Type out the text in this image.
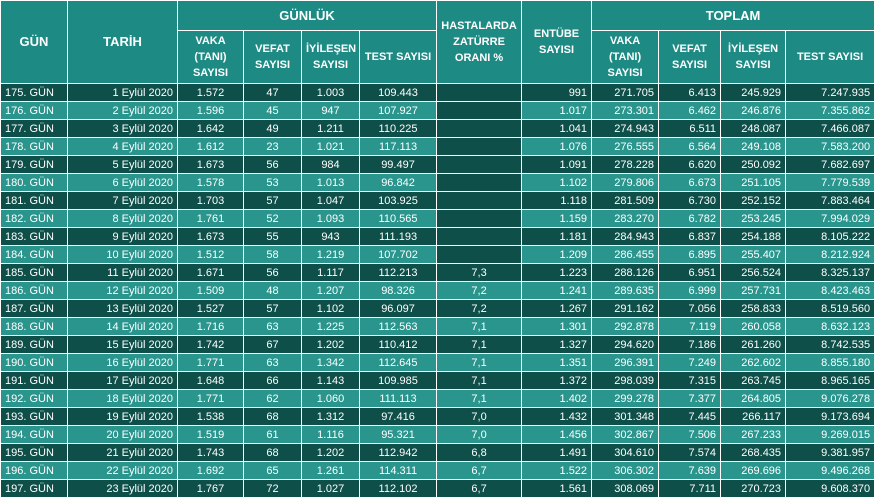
GÜN	TARİH	GÜNLÜK				HASTALARDA ZATÜRRE ORANI %	ENTÜBE SAYISI	TOPLAM			
		VAKA (TANI) SAYISI	VEFAT SAYISI	İYİLEŞEN SAYISI	TEST SAYISI			VAKA (TANI) SAYISI	VEFAT SAYISI	İYİLEŞEN SAYISI	TEST SAYISI
175. GÜN	1 Eylül 2020	1.572	47	1.003	109.443		991	271.705	6.413	245.929	7.247.935
176. GÜN	2 Eylül 2020	1.596	45	947	107.927		1.017	273.301	6.462	246.876	7.355.862
177. GÜN	3 Eylül 2020	1.642	49	1.211	110.225		1.041	274.943	6.511	248.087	7.466.087
178. GÜN	4 Eylül 2020	1.612	23	1.021	117.113		1.076	276.555	6.564	249.108	7.583.200
179. GÜN	5 Eylül 2020	1.673	56	984	99.497		1.091	278.228	6.620	250.092	7.682.697
180. GÜN	6 Eylül 2020	1.578	53	1.013	96.842		1.102	279.806	6.673	251.105	7.779.539
181. GÜN	7 Eylül 2020	1.703	57	1.047	103.925		1.118	281.509	6.730	252.152	7.883.464
182. GÜN	8 Eylül 2020	1.761	52	1.093	110.565		1.159	283.270	6.782	253.245	7.994.029
183. GÜN	9 Eylül 2020	1.673	55	943	111.193		1.181	284.943	6.837	254.188	8.105.222
184. GÜN	10 Eylül 2020	1.512	58	1.219	107.702		1.209	286.455	6.895	255.407	8.212.924
185. GÜN	11 Eylül 2020	1.671	56	1.117	112.213	7,3	1.223	288.126	6.951	256.524	8.325.137
186. GÜN	12 Eylül 2020	1.509	48	1.207	98.326	7,2	1.241	289.635	6.999	257.731	8.423.463
187. GÜN	13 Eylül 2020	1.527	57	1.102	96.097	7,2	1.267	291.162	7.056	258.833	8.519.560
188. GÜN	14 Eylül 2020	1.716	63	1.225	112.563	7,1	1.301	292.878	7.119	260.058	8.632.123
189. GÜN	15 Eylül 2020	1.742	67	1.202	110.412	7,1	1.327	294.620	7.186	261.260	8.742.535
190. GÜN	16 Eylül 2020	1.771	63	1.342	112.645	7,1	1.351	296.391	7.249	262.602	8.855.180
191. GÜN	17 Eylül 2020	1.648	66	1.143	109.985	7,1	1.372	298.039	7.315	263.745	8.965.165
192. GÜN	18 Eylül 2020	1.771	62	1.060	111.113	7,1	1.402	299.278	7.377	264.805	9.076.278
193. GÜN	19 Eylül 2020	1.538	68	1.312	97.416	7,0	1.432	301.348	7.445	266.117	9.173.694
194. GÜN	20 Eylül 2020	1.519	61	1.116	95.321	7,0	1.456	302.867	7.506	267.233	9.269.015
195. GÜN	21 Eylül 2020	1.743	68	1.202	112.942	6,8	1.491	304.610	7.574	268.435	9.381.957
196. GÜN	22 Eylül 2020	1.692	65	1.261	114.311	6,7	1.522	306.302	7.639	269.696	9.496.268
197. GÜN	23 Eylül 2020	1.767	72	1.027	112.102	6,7	1.561	308.069	7.711	270.723	9.608.370
